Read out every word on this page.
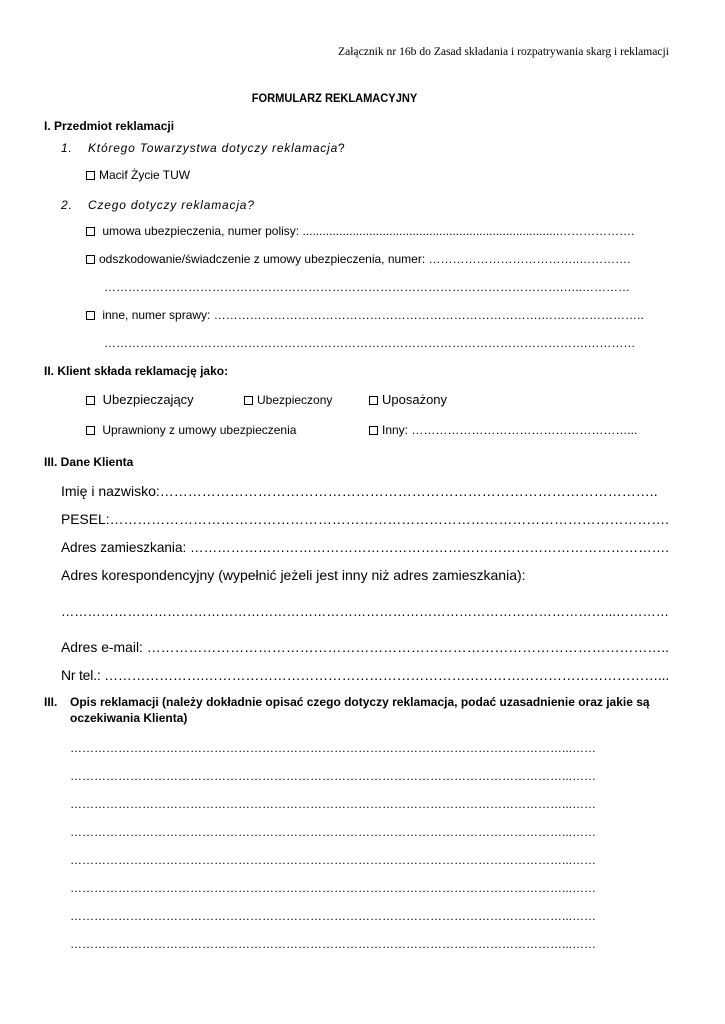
Załącznik nr 16b do Zasad składania i rozpatrywania skarg i reklamacji
FORMULARZ REKLAMACYJNY
I. Przedmiot reklamacji
1. Którego Towarzystwa dotyczy reklamacja?
Macif Życie TUW
2. Czego dotyczy reklamacja?
umowa ubezpieczenia, numer polisy: .............................................................................……………….
odszkodowanie/świadczenie z umowy ubezpieczenia, numer: ………………………………..………….
…………………………………………………………………………………………………….…..…………
inne, numer sprawy: ……………………………………………………………………….……………………..
………………………………………………………………………………………………………….…………
II. Klient składa reklamację jako:
Ubezpieczający	Ubezpieczony	Uposażony
Uprawniony z umowy ubezpieczenia	Inny: ………………………………………………...
III. Dane Klienta
Imię i nazwisko:……………………………………………………………………………………………..
PESEL:………………………………………………………………………………………………………….
Adres zamieszkania: …………………………………………………………………………………………….
Adres korespondencyjny (wypełnić jeżeli jest inny niż adres zamieszkania):
……………………………………………………………………………………………………………...…………
Adres e-mail: …………………………………………………………………………………………………..
Nr tel.: ………………….………………………………………………………………………………………...
III. Opis reklamacji (należy dokładnie opisać czego dotyczy reklamacja, podać uzasadnienie oraz jakie są
oczekiwania Klienta)
……………………………………………………………………………………………………………...……
……………………………………………………………………………………………………………...……
……………………………………………………………………………………………………………...……
……………………………………………………………………………………………………………...……
……………………………………………………………………………………………………………...……
……………………………………………………………………………………………………………...……
……………………………………………………………………………………………………………...……
……………………………………………………………………………………………………………...……
